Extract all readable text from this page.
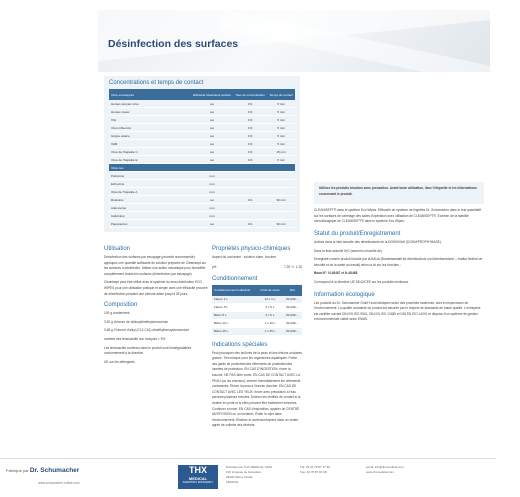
Désinfection des surfaces

Concentrations et temps de contact

Virus enveloppés	Efficacité Cleanisept surface	Taux de concentration	Temps de contact
Herpes simplex virus	oui	1%	5 min
Herpes zoster	oui	1%	5 min
VIH	oui	1%	5 min
Virus influenza	oui	1%	5 min
Grippe aviaire	oui	1%	5 min
VHB	oui	1%	5 min
Virus de l'hépatite C	oui	1%	15 min
Virus de l'hépatite E	oui	1%	5 min
Virus nus			
Poliovirus	non		
Echovirus	non		
Virus de l'hépatite A	non		
Rotavirus	oui	1%	30 min
Adenovirus	non		
Calicivirus	non		
Papovavirus	oui	1%	30 min

Utilisation

Désinfection des surfaces par essuyage (procédé recommandé): appliquez une quantité suffisante de solution préparée de Cleanisept sur les surfaces à désinfecter. Utiliser une action mécanique pour humidifier complètement toutes les surfaces (désinfection par essuyage).

Cleanisept peut être utilisé avec le système du seau distributeur ECO WIPES pour une utilisation pratique et simple avec une efficacité prouvée de désinfection pendant une période allant jusqu'à 28 jours.

Composition

100 g contiennent:

3,30 g chlorure de didécyldiméthylammonium

0,68 g Chlorure d'alkyl (C12-C16) diméthylbenzylammonium

contient des tensioactifs non ioniques < 5%

Les tensioactifs contenus dans le produit sont biodégradables conformément à la directive

UE sur les détergents.

Propriétés physico-chimiques

Aspect du concentré : solution claire, incolore

pH:	7,25 +/- 1,25

Conditionnement

Conditionnement individuel	Unité de vente	Réf.
Flacon 1 L	12 x 1 L	00-209-...
Flacon 5 L	2 x 5 L	00-209-...
Bidon 5 L	4 x 5 L	00-209-...
Bidon 10 L	1 x 10 L	00-209-...
Bidon 25 L	1 x 25 L	00-209-...

Indications spéciales

Peut provoquer des brûlures de la peau et des lésions oculaires graves. Très toxique pour les organismes aquatiques. Porter des gants de protection/des vêtements de protection/des lunettes de protection. EN CAS D'INGESTION: rincer la bouche. NE PAS faire vomir. EN CAS DE CONTACT AVEC LA PEAU (ou les cheveux): enlever immédiatement les vêtements contaminés. Rincer la peau à l'eau/se doucher. EN CAS DE CONTACT AVEC LES YEUX: rincer avec précaution à l'eau pendant plusieurs minutes. Enlever les lentilles de contact si la victime en porte et si elles peuvent être facilement enlevées. Continuer à rincer. EN CAS d'exposition: appeler un CENTRE ANTIPOISON ou un médecin. Éviter le rejet dans l'environnement. Éliminer le contenu/récipient dans un centre agréé de collecte des déchets.

Utilisez les produits biocides avec précaution. Avant toute utilisation, lisez l'étiquette et les informations concernant le produit.

CLEANISEPT® dans le système Eco Wipes. Efficacité du système de lingettes Dr. Schumacher dans le test quantitatif sur les surfaces de carrelage des salles d'opération avec utilisation de CLEANISEPT®. Examen de la stabilité microbiologique de CLEANISEPT® dans le système Eco Wipes.

Statut du produit/Enregistrement

Actives dans la liste actuelle des désinfectants de la DGHM/VAH (DGHM/PROPHYBASE).

Dans la liste actuelle IHO (www.iho-viruzidie.de).

Enregistré comme produit biocide par la BAUA (Bundesanstalt für Arbeitsschutz und Arbeitsmedizin – Institut fédéral de sécurité et de la santé au travail) selon la loi sur les biocides :

Baua N°: N-48467 et N-48468.

Correspond à la directive UE 93/42/CEE sur les produits médicaux.

Information écologique

Les produits du Dr. Schumacher GmbH sont fabriqués selon des procédés modernes, sûrs et respectueux de l'environnement. La qualité constante du produit est assurée par le respect de standards de haute qualité. L'entreprise est certifiée suivant DIN EN ISO 9001, DIN EN ISO 13485 et DIN EN ISO 14001 et dispose d'un système de gestion environnementale validé selon EMAS.

Fabriqué par Dr. Schumacher
www.schumacher-online.com
THX
MEDICAL
SCIENTIFIC EFFICIENCY
Distribué par THX MEDICAL SARL
125 impasse du belvédère
06200 Marcy l'étoile
FRANCE
Tél: 03 04 78 87 17 99
Fax: 04 78 87 81 98
email: info@thxmedical.com
www.thxmedical.com
